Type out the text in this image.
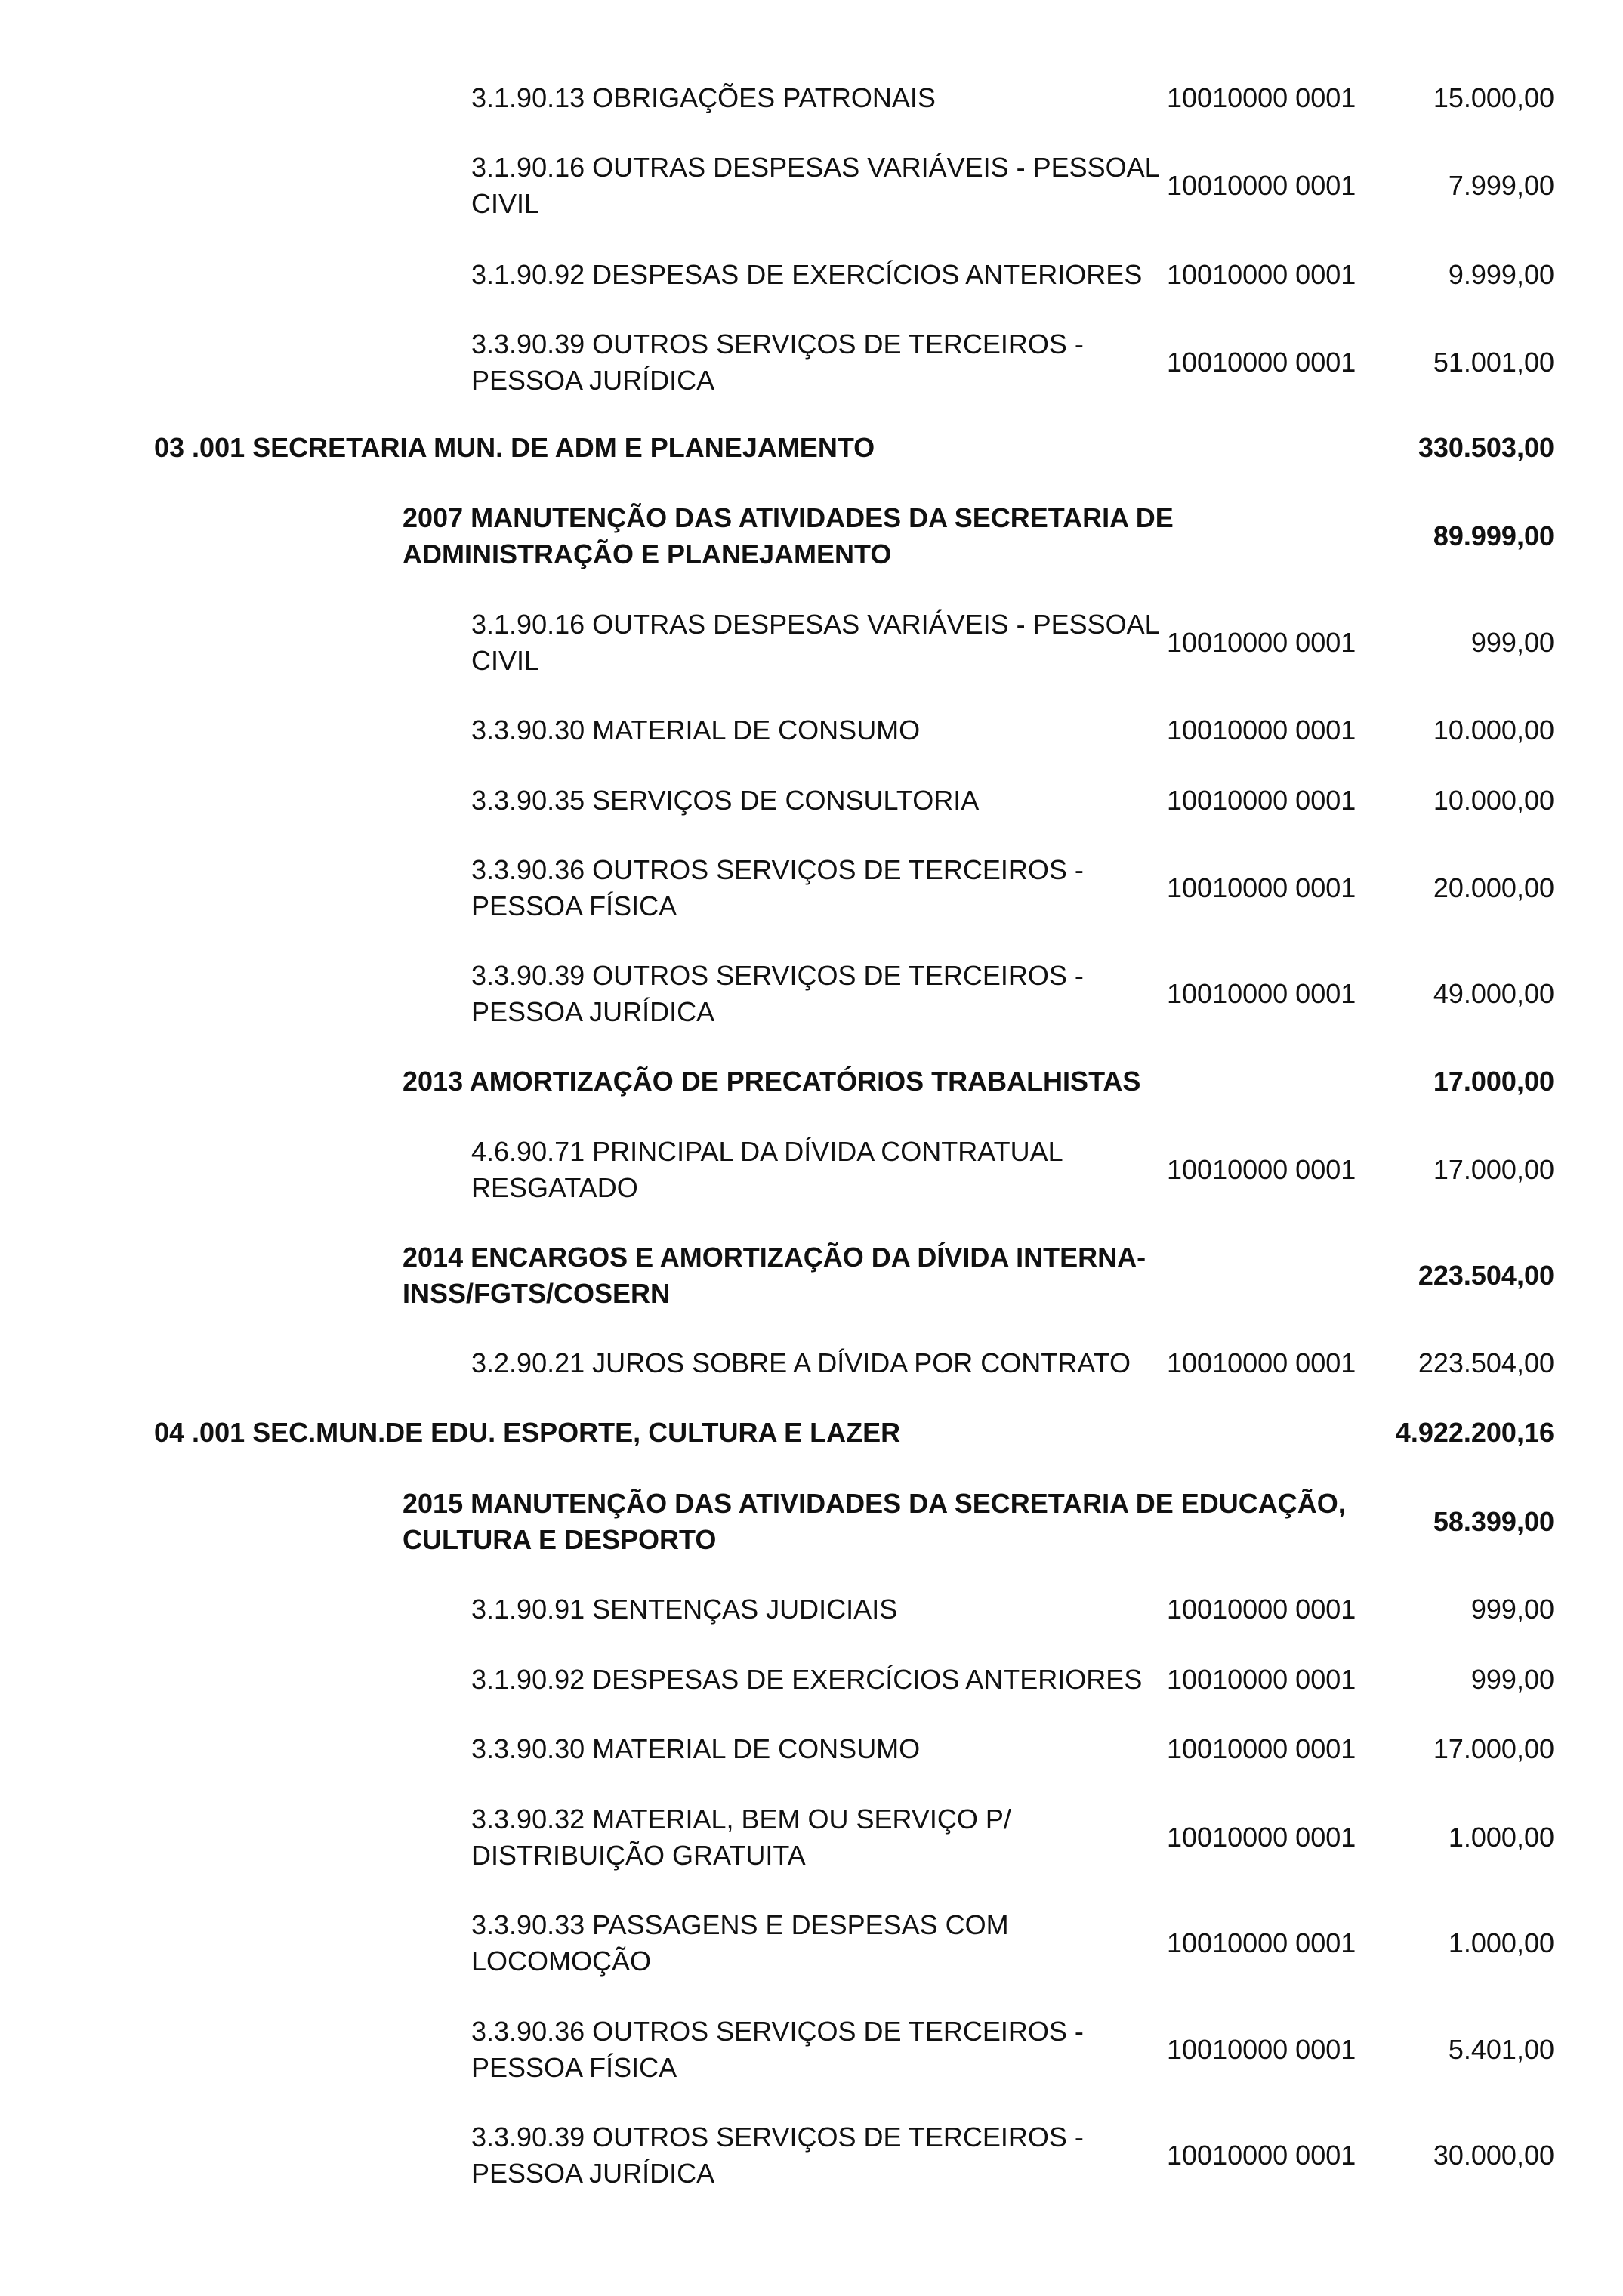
3.1.90.13 OBRIGAÇÕES PATRONAIS	10010000 0001	15.000,00
3.1.90.16 OUTRAS DESPESAS VARIÁVEIS - PESSOAL
CIVIL
10010000 0001	7.999,00
3.1.90.92 DESPESAS DE EXERCÍCIOS ANTERIORES 10010000 0001	9.999,00
3.3.90.39 OUTROS SERVIÇOS DE TERCEIROS -
PESSOA JURÍDICA
10010000 0001	51.001,00
03 .001 SECRETARIA MUN. DE ADM E PLANEJAMENTO	330.503,00
2007 MANUTENÇÃO DAS ATIVIDADES DA SECRETARIA DE
ADMINISTRAÇÃO E PLANEJAMENTO
89.999,00
3.1.90.16 OUTRAS DESPESAS VARIÁVEIS - PESSOAL
CIVIL
10010000 0001	999,00
3.3.90.30 MATERIAL DE CONSUMO	10010000 0001	10.000,00
3.3.90.35 SERVIÇOS DE CONSULTORIA	10010000 0001	10.000,00
3.3.90.36 OUTROS SERVIÇOS DE TERCEIROS -
PESSOA FÍSICA
10010000 0001	20.000,00
3.3.90.39 OUTROS SERVIÇOS DE TERCEIROS -
PESSOA JURÍDICA
10010000 0001	49.000,00
2013 AMORTIZAÇÃO DE PRECATÓRIOS TRABALHISTAS	17.000,00
4.6.90.71 PRINCIPAL DA DÍVIDA CONTRATUAL
RESGATADO
10010000 0001	17.000,00
2014 ENCARGOS E AMORTIZAÇÃO DA DÍVIDA INTERNA-
INSS/FGTS/COSERN
223.504,00
3.2.90.21 JUROS SOBRE A DÍVIDA POR CONTRATO 10010000 0001 223.504,00
04 .001 SEC.MUN.DE EDU. ESPORTE, CULTURA E LAZER	4.922.200,16
2015 MANUTENÇÃO DAS ATIVIDADES DA SECRETARIA DE EDUCAÇÃO,
CULTURA E DESPORTO
58.399,00
3.1.90.91 SENTENÇAS JUDICIAIS	10010000 0001	999,00
3.1.90.92 DESPESAS DE EXERCÍCIOS ANTERIORES 10010000 0001	999,00
3.3.90.30 MATERIAL DE CONSUMO	10010000 0001	17.000,00
3.3.90.32 MATERIAL, BEM OU SERVIÇO P/
DISTRIBUIÇÃO GRATUITA
10010000 0001	1.000,00
3.3.90.33 PASSAGENS E DESPESAS COM
LOCOMOÇÃO
10010000 0001	1.000,00
3.3.90.36 OUTROS SERVIÇOS DE TERCEIROS -
PESSOA FÍSICA
10010000 0001	5.401,00
3.3.90.39 OUTROS SERVIÇOS DE TERCEIROS -
PESSOA JURÍDICA
10010000 0001	30.000,00
